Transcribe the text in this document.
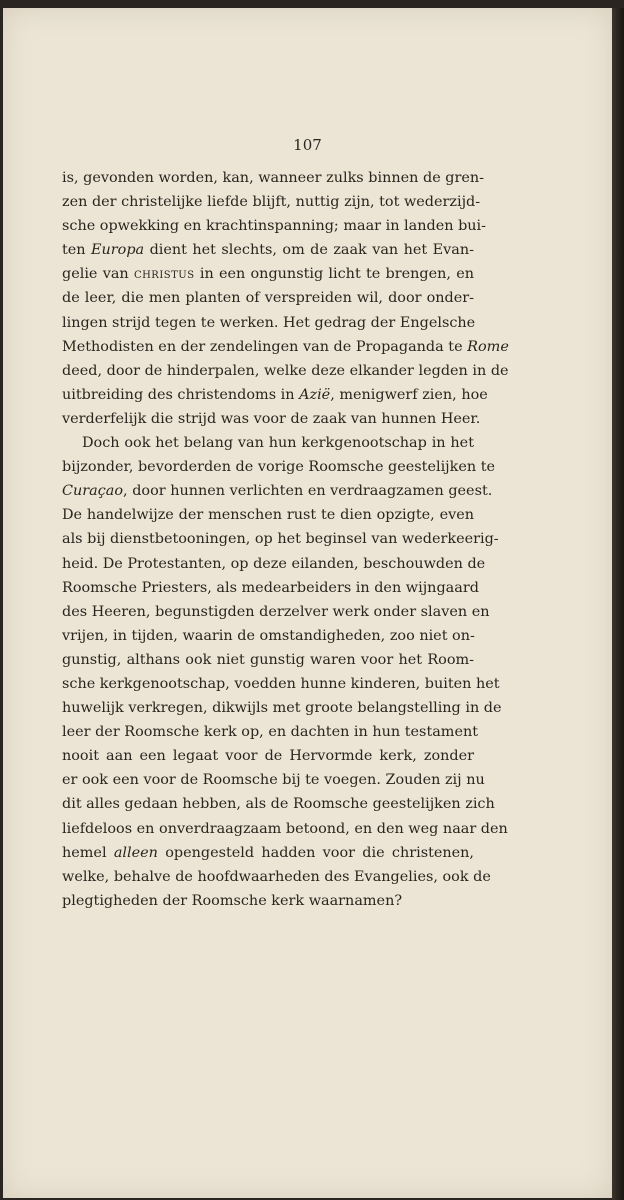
107
is, gevonden worden, kan, wanneer zulks binnen de gren-
zen der christelijke liefde blijft, nuttig zijn, tot wederzijd-
sche opwekking en krachtinspanning; maar in landen bui-
ten Europa dient het slechts, om de zaak van het Evan-
gelie van christus in een ongunstig licht te brengen, en
de leer, die men planten of verspreiden wil, door onder-
lingen strijd tegen te werken. Het gedrag der Engelsche
Methodisten en der zendelingen van de Propaganda te Rome
deed, door de hinderpalen, welke deze elkander legden in de
uitbreiding des christendoms in Azië, menigwerf zien, hoe
verderfelijk die strijd was voor de zaak van hunnen Heer.
Doch ook het belang van hun kerkgenootschap in het
bijzonder, bevorderden de vorige Roomsche geestelijken te
Curaçao, door hunnen verlichten en verdraagzamen geest.
De handelwijze der menschen rust te dien opzigte, even
als bij dienstbetooningen, op het beginsel van wederkeerig-
heid. De Protestanten, op deze eilanden, beschouwden de
Roomsche Priesters, als medearbeiders in den wijngaard
des Heeren, begunstigden derzelver werk onder slaven en
vrijen, in tijden, waarin de omstandigheden, zoo niet on-
gunstig, althans ook niet gunstig waren voor het Room-
sche kerkgenootschap, voedden hunne kinderen, buiten het
huwelijk verkregen, dikwijls met groote belangstelling in de
leer der Roomsche kerk op, en dachten in hun testament
nooit aan een legaat voor de Hervormde kerk, zonder
er ook een voor de Roomsche bij te voegen. Zouden zij nu
dit alles gedaan hebben, als de Roomsche geestelijken zich
liefdeloos en onverdraagzaam betoond, en den weg naar den
hemel alleen opengesteld hadden voor die christenen,
welke, behalve de hoofdwaarheden des Evangelies, ook de
plegtigheden der Roomsche kerk waarnamen?
